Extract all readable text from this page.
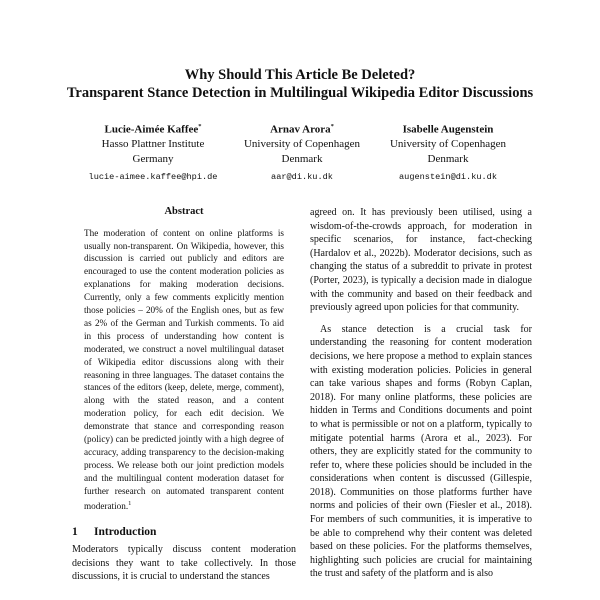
Why Should This Article Be Deleted?
Transparent Stance Detection in Multilingual Wikipedia Editor Discussions
Lucie-Aimée Kaffee*
Hasso Plattner Institute
Germany
lucie-aimee.kaffee@hpi.de
Arnav Arora*
University of Copenhagen
Denmark
aar@di.ku.dk
Isabelle Augenstein
University of Copenhagen
Denmark
augenstein@di.ku.dk
Abstract
The moderation of content on online platforms is usually non-transparent. On Wikipedia, however, this discussion is carried out publicly and editors are encouraged to use the content moderation policies as explanations for making moderation decisions. Currently, only a few comments explicitly mention those policies – 20% of the English ones, but as few as 2% of the German and Turkish comments. To aid in this process of understanding how content is moderated, we construct a novel multilingual dataset of Wikipedia editor discussions along with their reasoning in three languages. The dataset contains the stances of the editors (keep, delete, merge, comment), along with the stated reason, and a content moderation policy, for each edit decision. We demonstrate that stance and corresponding reason (policy) can be predicted jointly with a high degree of accuracy, adding transparency to the decision-making process. We release both our joint prediction models and the multilingual content moderation dataset for further research on automated transparent content moderation.$^1$
1 Introduction

Moderators typically discuss content moderation decisions they want to take collectively. In those discussions, it is crucial to understand the stances

agreed on. It has previously been utilised, using a wisdom-of-the-crowds approach, for moderation in specific scenarios, for instance, fact-checking (Hardalov et al., 2022b). Moderator decisions, such as changing the status of a subreddit to private in protest (Porter, 2023), is typically a decision made in dialogue with the community and based on their feedback and previously agreed upon policies for that community.

As stance detection is a crucial task for understanding the reasoning for content moderation decisions, we here propose a method to explain stances with existing moderation policies. Policies in general can take various shapes and forms (Robyn Caplan, 2018). For many online platforms, these policies are hidden in Terms and Conditions documents and point to what is permissible or not on a platform, typically to mitigate potential harms (Arora et al., 2023). For others, they are explicitly stated for the community to refer to, where these policies should be included in the considerations when content is discussed (Gillespie, 2018). Communities on those platforms further have norms and policies of their own (Fiesler et al., 2018). For members of such communities, it is imperative to be able to comprehend why their content was deleted based on these policies. For the platforms themselves, highlighting such policies are crucial for maintaining the trust and safety of the platform and is also
